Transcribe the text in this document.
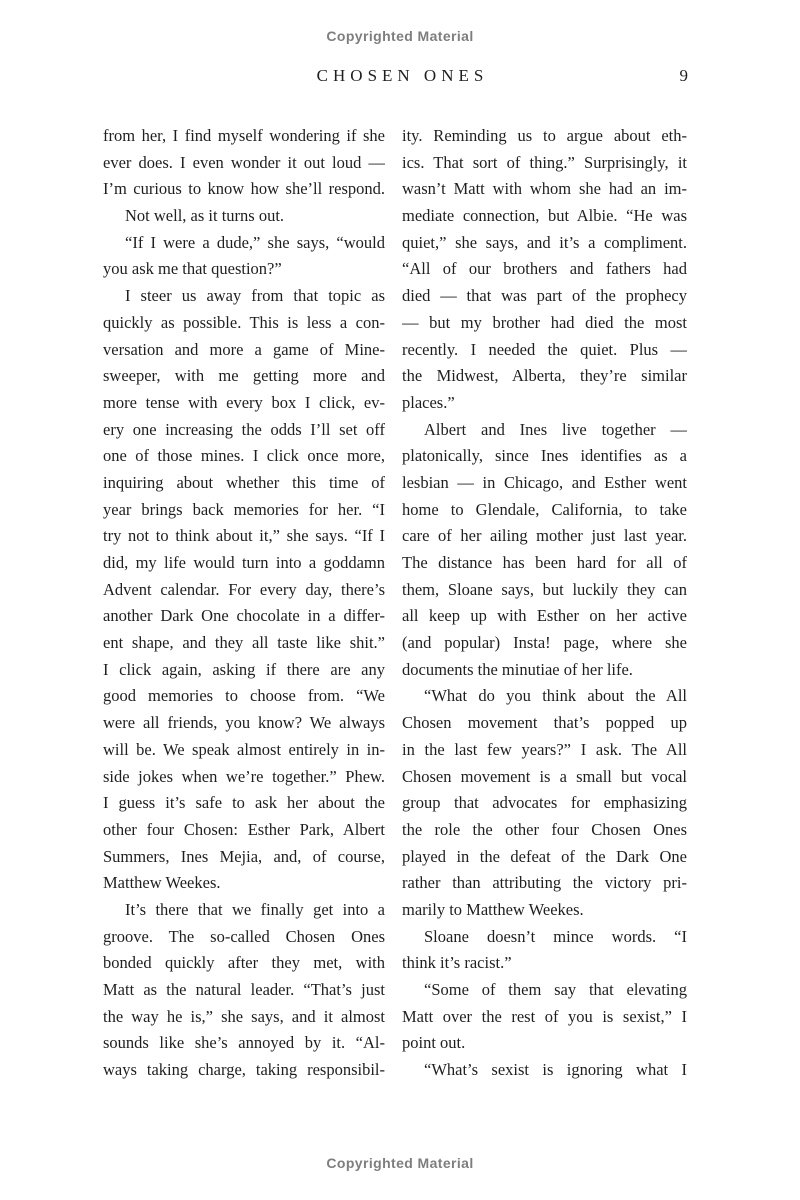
Copyrighted Material
CHOSEN ONES	9
from her, I find myself wondering if she
ever does. I even wonder it out loud —
I’m curious to know how she’ll respond.
Not well, as it turns out.
“If I were a dude,” she says, “would
you ask me that question?”
I steer us away from that topic as
quickly as possible. This is less a con-
versation and more a game of Mine-
sweeper, with me getting more and
more tense with every box I click, ev-
ery one increasing the odds I’ll set off
one of those mines. I click once more,
inquiring about whether this time of
year brings back memories for her. “I
try not to think about it,” she says. “If I
did, my life would turn into a goddamn
Advent calendar. For every day, there’s
another Dark One chocolate in a differ-
ent shape, and they all taste like shit.”
I click again, asking if there are any
good memories to choose from. “We
were all friends, you know? We always
will be. We speak almost entirely in in-
side jokes when we’re together.” Phew.
I guess it’s safe to ask her about the
other four Chosen: Esther Park, Albert
Summers, Ines Mejia, and, of course,
Matthew Weekes.
It’s there that we finally get into a
groove. The so-called Chosen Ones
bonded quickly after they met, with
Matt as the natural leader. “That’s just
the way he is,” she says, and it almost
sounds like she’s annoyed by it. “Al-
ways taking charge, taking responsibil-
ity. Reminding us to argue about eth-
ics. That sort of thing.” Surprisingly, it
wasn’t Matt with whom she had an im-
mediate connection, but Albie. “He was
quiet,” she says, and it’s a compliment.
“All of our brothers and fathers had
died — that was part of the prophecy
— but my brother had died the most
recently. I needed the quiet. Plus —
the Midwest, Alberta, they’re similar
places.”
Albert and Ines live together —
platonically, since Ines identifies as a
lesbian — in Chicago, and Esther went
home to Glendale, California, to take
care of her ailing mother just last year.
The distance has been hard for all of
them, Sloane says, but luckily they can
all keep up with Esther on her active
(and popular) Insta! page, where she
documents the minutiae of her life.
“What do you think about the All
Chosen movement that’s popped up
in the last few years?” I ask. The All
Chosen movement is a small but vocal
group that advocates for emphasizing
the role the other four Chosen Ones
played in the defeat of the Dark One
rather than attributing the victory pri-
marily to Matthew Weekes.
Sloane doesn’t mince words. “I
think it’s racist.”
“Some of them say that elevating
Matt over the rest of you is sexist,” I
point out.
“What’s sexist is ignoring what I
Copyrighted Material
